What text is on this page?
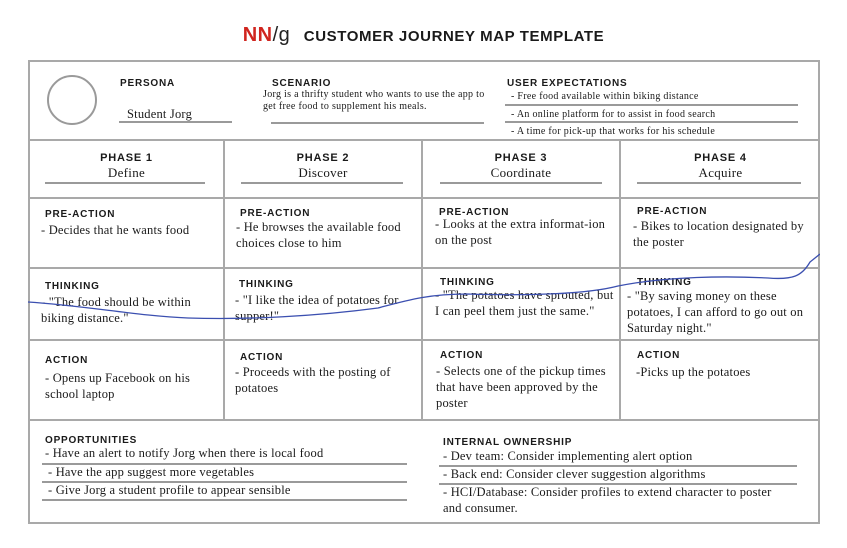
NN/g CUSTOMER JOURNEY MAP TEMPLATE
PERSONA
Student Jorg
SCENARIO
Jorg is a thrifty student who wants to use the app to get free food to supplement his meals.
USER EXPECTATIONS
- Free food available within biking distance
- An online platform for to assist in food search
- A time for pick-up that works for his schedule
PHASE 1
Define
PHASE 2
Discover
PHASE 3
Coordinate
PHASE 4
Acquire
PRE-ACTION
- Decides that he wants food
PRE-ACTION
- He browses the available food choices close to him
PRE-ACTION
- Looks at the extra informat-ion on the post
PRE-ACTION
- Bikes to location designated by the poster
THINKING
- "The food should be within biking distance."
THINKING
- "I like the idea of potatoes for supper!"
THINKING
- "The potatoes have sprouted, but I can peel them just the same."
THINKING
- "By saving money on these potatoes, I can afford to go out on Saturday night."
ACTION
- Opens up Facebook on his school laptop
ACTION
- Proceeds with the posting of potatoes
ACTION
- Selects one of the pickup times that have been approved by the poster
ACTION
-Picks up the potatoes
OPPORTUNITIES
- Have an alert to notify Jorg when there is local food
- Have the app suggest more vegetables
- Give Jorg a student profile to appear sensible
INTERNAL OWNERSHIP
- Dev team: Consider implementing alert option
- Back end: Consider clever suggestion algorithms
- HCI/Database: Consider profiles to extend character to poster and consumer.
